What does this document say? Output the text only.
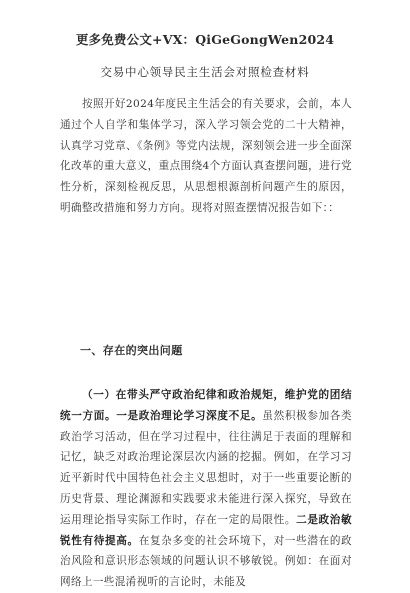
更多免费公文+VX：QiGeGongWen2024
交易中心领导民主生活会对照检查材料
按照开好2024年度民主生活会的有关要求，会前，本人通过个人自学和集体学习，深入学习领会党的二十大精神，认真学习党章、《条例》等党内法规，深刻领会进一步全面深化改革的重大意义，重点围绕4个方面认真查摆问题，进行党性分析，深刻检视反思，从思想根源剖析问题产生的原因，明确整改措施和努力方向。现将对照查摆情况报告如下：：
一、存在的突出问题
（一）在带头严守政治纪律和政治规矩，维护党的团结统一方面。一是政治理论学习深度不足。虽然积极参加各类政治学习活动，但在学习过程中，往往满足于表面的理解和记忆，缺乏对政治理论深层次内涵的挖掘。例如，在学习习近平新时代中国特色社会主义思想时，对于一些重要论断的历史背景、理论渊源和实践要求未能进行深入探究，导致在运用理论指导实际工作时，存在一定的局限性。二是政治敏锐性有待提高。在复杂多变的社会环境下，对一些潜在的政治风险和意识形态领域的问题认识不够敏锐。例如：在面对网络上一些混淆视听的言论时，未能及
